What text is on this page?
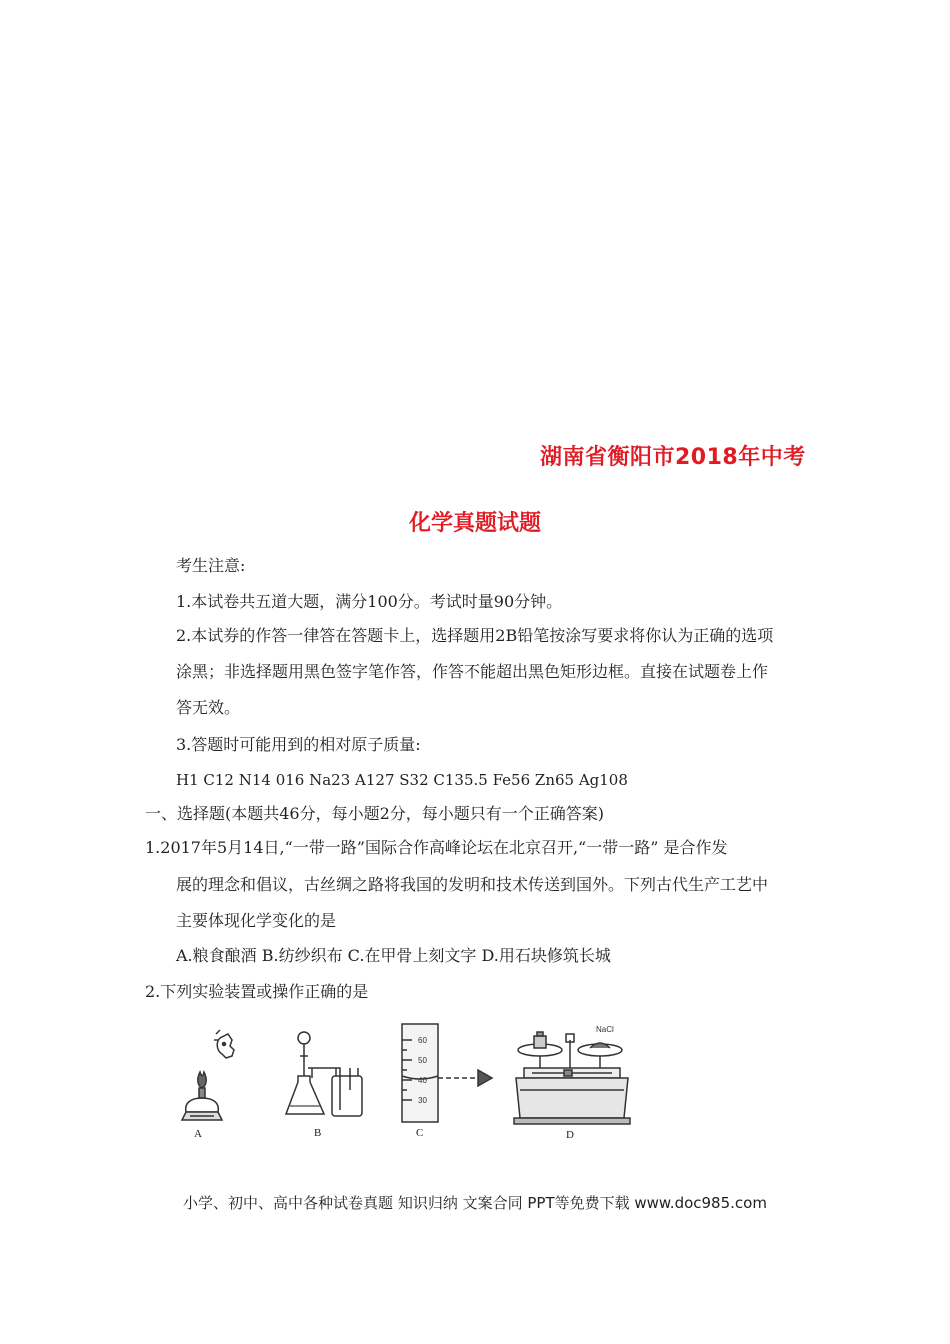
湖南省衡阳市2018年中考
化学真题试题
考生注意:
1.本试卷共五道大题，满分100分。考试时量90分钟。
2.本试券的作答一律答在答题卡上，选择题用2B铅笔按涂写要求将你认为正确的选项
涂黑；非选择题用黑色签字笔作答，作答不能超出黑色矩形边框。直接在试题卷上作
答无效。
3.答题时可能用到的相对原子质量:
H1 C12 N14 016 Na23 A127 S32 C135.5 Fe56 Zn65 Ag108
一、选择题(本题共46分，每小题2分，每小题只有一个正确答案)
1.2017年5月14日,“一带一路”国际合作高峰论坛在北京召开,“一带一路” 是合作发
展的理念和倡议，古丝绸之路将我国的发明和技术传送到国外。下列古代生产工艺中
主要体现化学变化的是
A.粮食酿酒 B.纺纱织布 C.在甲骨上刻文字 D.用石块修筑长城
2.下列实验装置或操作正确的是
A	B
60
50
40
30
C
NaCl
D
小学、初中、高中各种试卷真题 知识归纳 文案合同 PPT等免费下载 www.doc985.com
